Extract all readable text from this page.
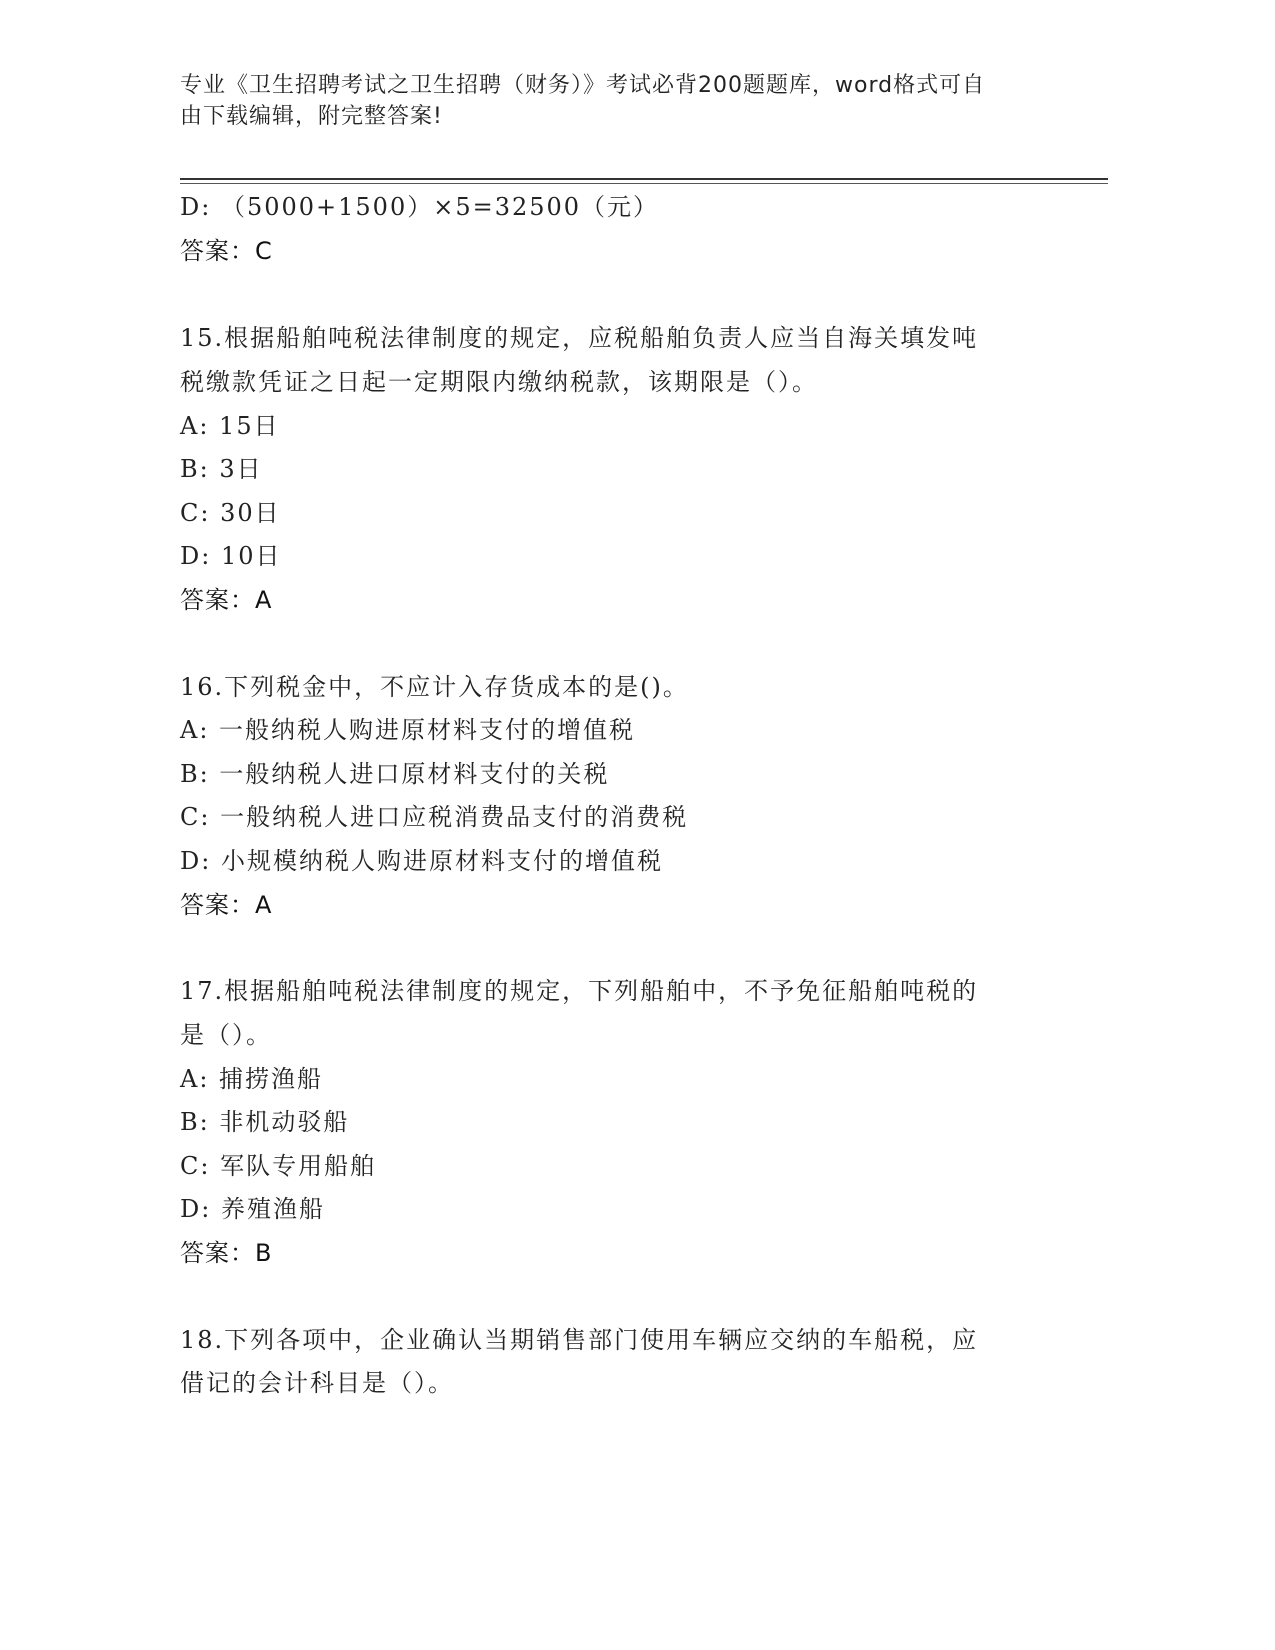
专业《卫生招聘考试之卫生招聘（财务）》考试必背200题题库，word格式可自
由下载编辑，附完整答案!
D: （5000+1500）×5=32500（元）
答案：C
15.根据船舶吨税法律制度的规定，应税船舶负责人应当自海关填发吨
税缴款凭证之日起一定期限内缴纳税款，该期限是（）。
A: 15日
B: 3日
C: 30日
D: 10日
答案：A
16.下列税金中，不应计入存货成本的是()。
A: 一般纳税人购进原材料支付的增值税
B: 一般纳税人进口原材料支付的关税
C: 一般纳税人进口应税消费品支付的消费税
D: 小规模纳税人购进原材料支付的增值税
答案：A
17.根据船舶吨税法律制度的规定，下列船舶中，不予免征船舶吨税的
是（）。
A: 捕捞渔船
B: 非机动驳船
C: 军队专用船舶
D: 养殖渔船
答案：B
18.下列各项中，企业确认当期销售部门使用车辆应交纳的车船税，应
借记的会计科目是（）。
